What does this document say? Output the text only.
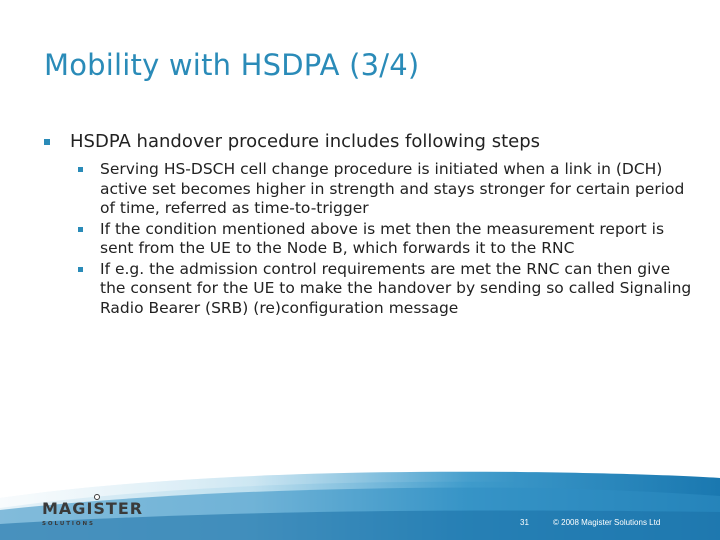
Mobility with HSDPA (3/4)
HSDPA handover procedure includes following steps
Serving HS-DSCH cell change procedure is initiated when a link in (DCH) active set becomes higher in strength and stays stronger for certain period of time, referred as time-to-trigger
If the condition mentioned above is met then the measurement report is sent from the UE to the Node B, which forwards it to the RNC
If e.g. the admission control requirements are met the RNC can then give the consent for the UE to make the handover by sending so called Signaling Radio Bearer (SRB) (re)configuration message
MAGISTER
S O L U T I O N S	31	© 2008 Magister Solutions Ltd
